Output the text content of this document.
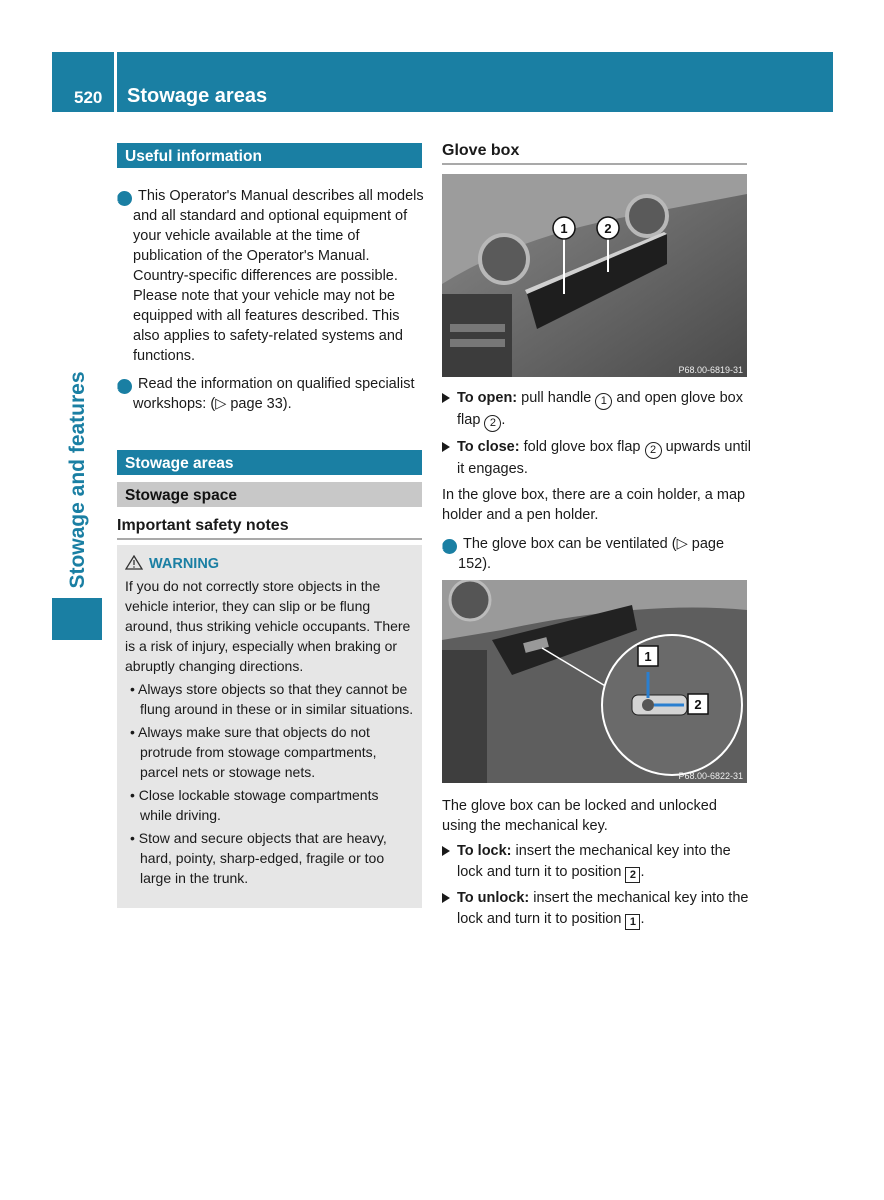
520 Stowage areas
Stowage and features
Useful information

i This Operator's Manual describes all models and all standard and optional equipment of your vehicle available at the time of publication of the Operator's Manual. Country-specific differences are possible. Please note that your vehicle may not be equipped with all features described. This also applies to safety-related systems and functions.

i Read the information on qualified specialist workshops: (▷ page 33).

Stowage areas
Stowage space
Important safety notes
WARNING

If you do not correctly store objects in the vehicle interior, they can slip or be flung around, thus striking vehicle occupants. There is a risk of injury, especially when braking or abruptly changing directions.

• Always store objects so that they cannot be flung around in these or in similar situations.
• Always make sure that objects do not protrude from stowage compartments, parcel nets or stowage nets.
• Close lockable stowage compartments while driving.
• Stow and secure objects that are heavy, hard, pointy, sharp-edged, fragile or too large in the trunk.
Glove box
1	2
P68.00-6819-31
To open: pull handle 1 and open glove box flap 2 .
To close: fold glove box flap 2 upwards until it engages.

In the glove box, there are a coin holder, a map holder and a pen holder.

i The glove box can be ventilated (▷ page 152).

1
2
P68.00-6822-31

The glove box can be locked and unlocked using the mechanical key.

To lock: insert the mechanical key into the lock and turn it to position 2 .
To unlock: insert the mechanical key into the lock and turn it to position 1 .
